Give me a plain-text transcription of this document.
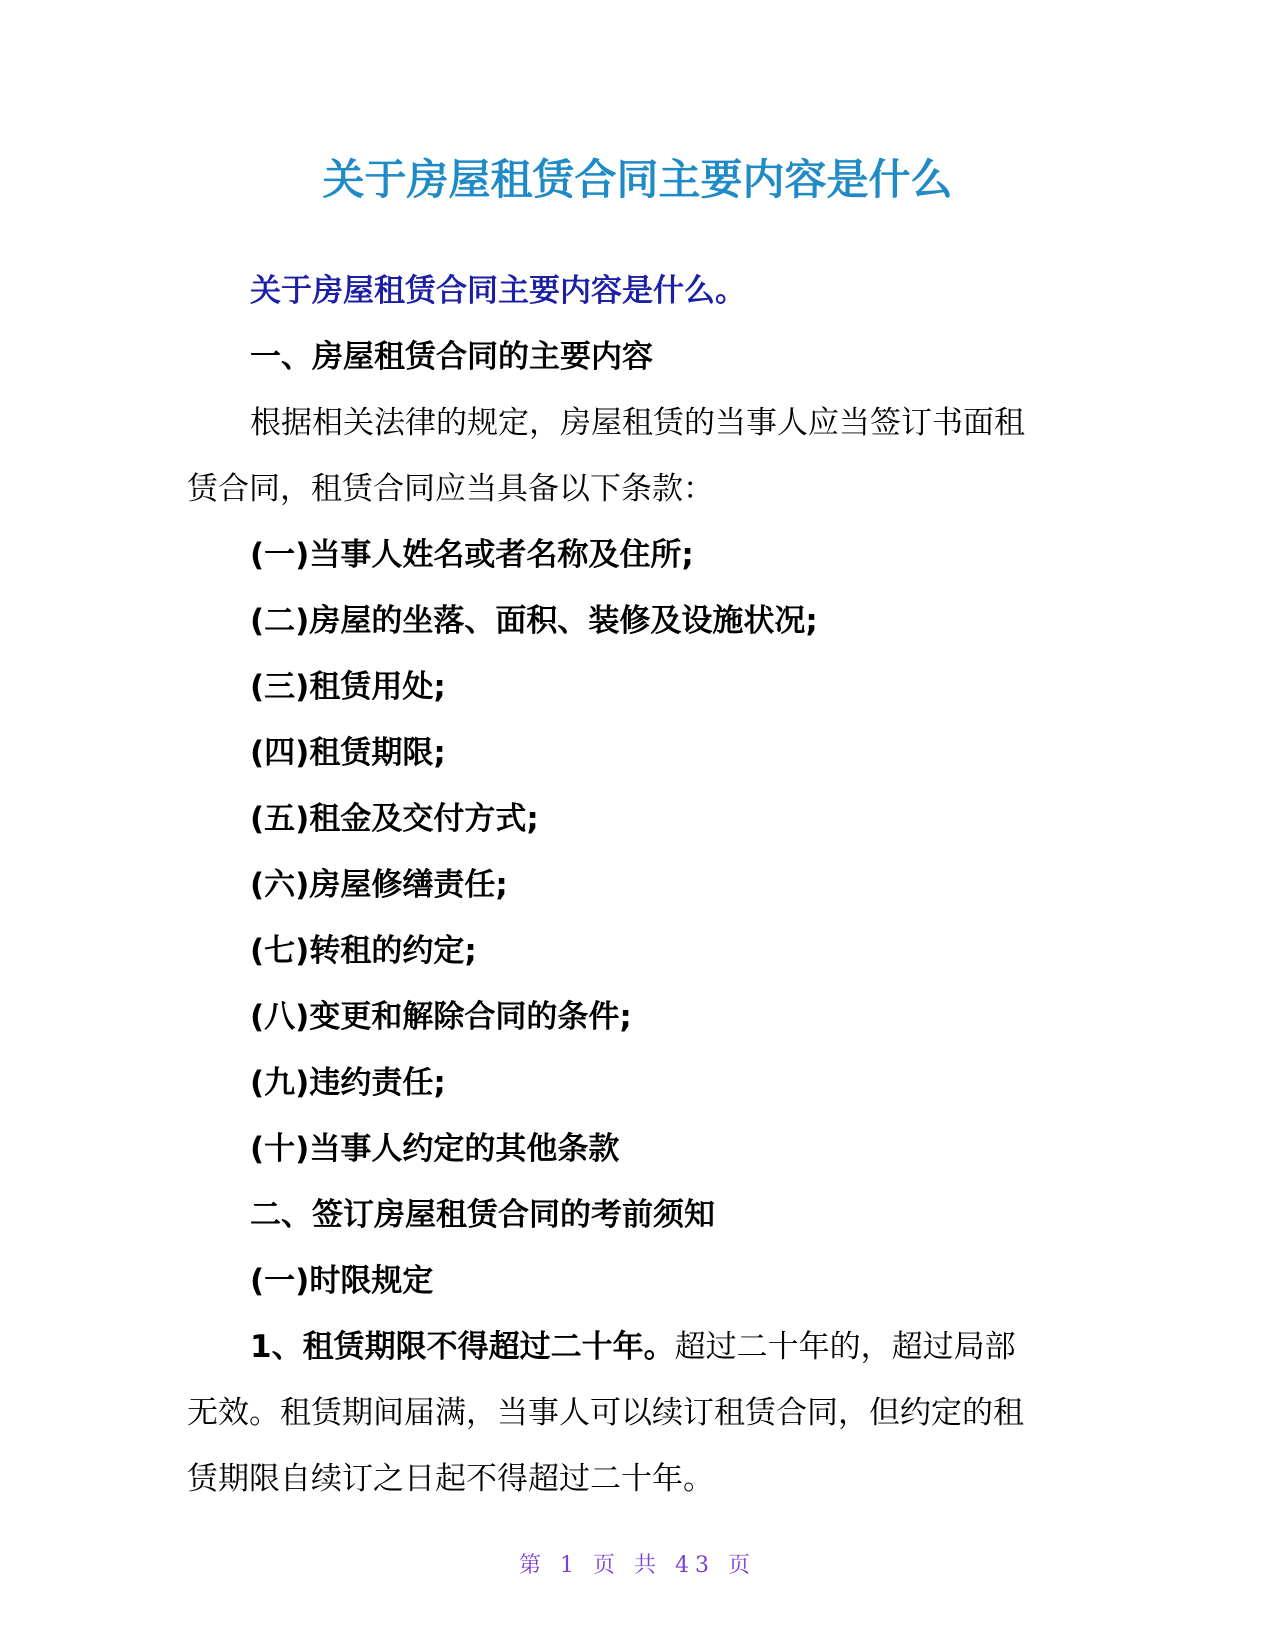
关于房屋租赁合同主要内容是什么

关于房屋租赁合同主要内容是什么。

一、房屋租赁合同的主要内容

根据相关法律的规定，房屋租赁的当事人应当签订书面租

赁合同，租赁合同应当具备以下条款：

(一)当事人姓名或者名称及住所;

(二)房屋的坐落、面积、装修及设施状况;

(三)租赁用处;

(四)租赁期限;

(五)租金及交付方式;

(六)房屋修缮责任;

(七)转租的约定;

(八)变更和解除合同的条件;

(九)违约责任;

(十)当事人约定的其他条款

二、签订房屋租赁合同的考前须知

(一)时限规定

1、租赁期限不得超过二十年。超过二十年的，超过局部

无效。租赁期间届满，当事人可以续订租赁合同，但约定的租

赁期限自续订之日起不得超过二十年。

第 1 页 共 43 页
